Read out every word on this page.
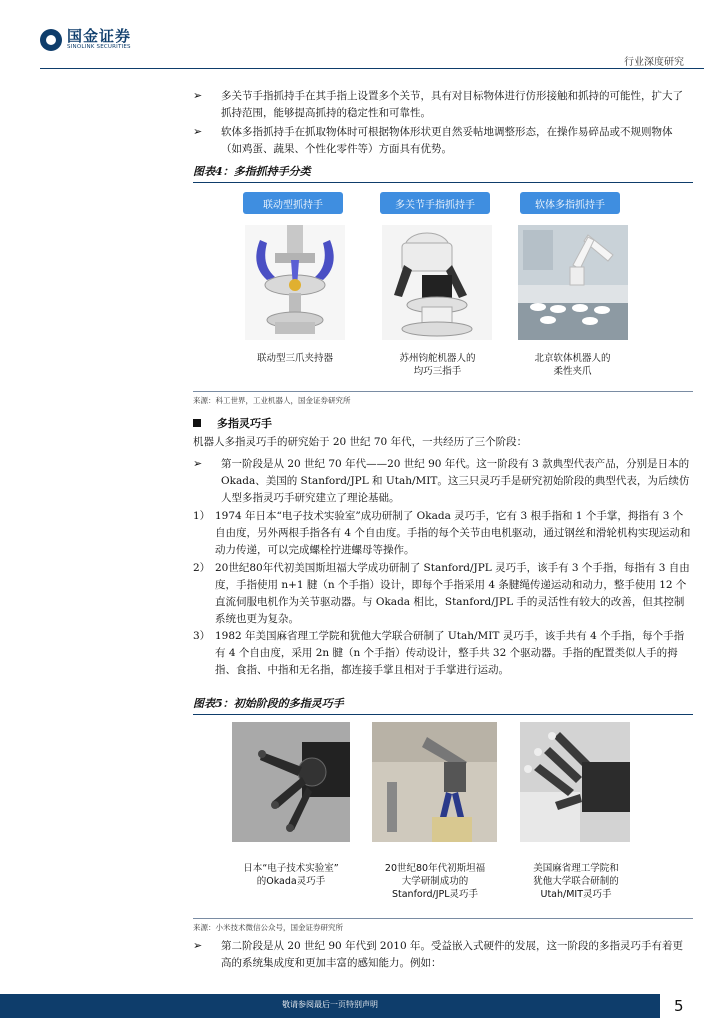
国金证券
SINOLINK SECURITIES
行业深度研究
➢	多关节手指抓持手在其手指上设置多个关节，具有对目标物体进行仿形接触和抓持的可能性，扩大了抓持范围，能够提高抓持的稳定性和可靠性。
➢	软体多指抓持手在抓取物体时可根据物体形状更自然妥帖地调整形态，在操作易碎品或不规则物体（如鸡蛋、蔬果、个性化零件等）方面具有优势。
图表4：多指抓持手分类
联动型抓持手	多关节手指抓持手	软体多指抓持手
联动型三爪夹持器	苏州钧舵机器人的
均巧三指手
北京软体机器人的
柔性夹爪
来源：科工世界，工业机器人，国金证券研究所
多指灵巧手
机器人多指灵巧手的研究始于 20 世纪 70 年代，一共经历了三个阶段：
➢	第一阶段是从 20 世纪 70 年代——20 世纪 90 年代。这一阶段有 3 款典型代表产品，分别是日本的 Okada、美国的 Stanford/JPL 和 Utah/MIT。这三只灵巧手是研究初始阶段的典型代表，为后续仿人型多指灵巧手研究建立了理论基础。
1） 1974 年日本“电子技术实验室”成功研制了 Okada 灵巧手，它有 3 根手指和 1 个手掌，拇指有 3 个自由度，另外两根手指各有 4 个自由度。手指的每个关节由电机驱动，通过钢丝和滑轮机构实现运动和动力传递，可以完成螺栓拧进螺母等操作。
2） 20世纪80年代初美国斯坦福大学成功研制了 Stanford/JPL 灵巧手，该手有 3 个手指，每指有 3 自由度，手指使用 n+1 腱（n 个手指）设计，即每个手指采用 4 条腱绳传递运动和动力，整手使用 12 个直流伺服电机作为关节驱动器。与 Okada 相比，Stanford/JPL 手的灵活性有较大的改善，但其控制系统也更为复杂。
3） 1982 年美国麻省理工学院和犹他大学联合研制了 Utah/MIT 灵巧手，该手共有 4 个手指，每个手指有 4 个自由度，采用 2n 腱（n 个手指）传动设计，整手共 32 个驱动器。手指的配置类似人手的拇指、食指、中指和无名指，都连接手掌且相对于手掌进行运动。
图表5：初始阶段的多指灵巧手
日本“电子技术实验室”
的Okada灵巧手
20世纪80年代初斯坦福
大学研制成功的
Stanford/JPL灵巧手
美国麻省理工学院和
犹他大学联合研制的
Utah/MIT灵巧手
来源：小米技术微信公众号，国金证券研究所
➢	第二阶段是从 20 世纪 90 年代到 2010 年。受益嵌入式硬件的发展，这一阶段的多指灵巧手有着更高的系统集成度和更加丰富的感知能力。例如：
敬请参阅最后一页特别声明	5
